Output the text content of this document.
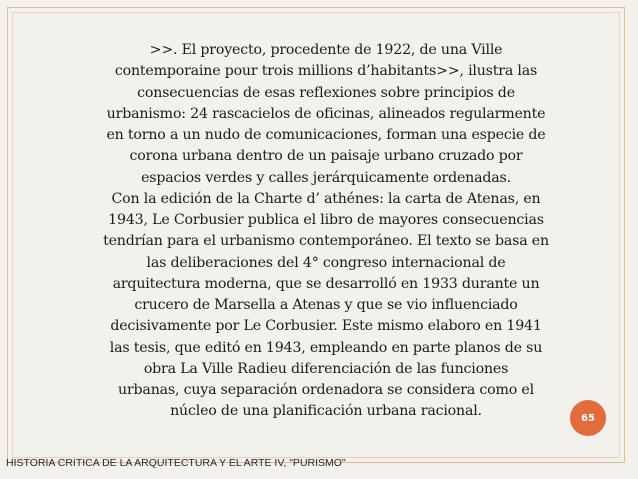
>>. El proyecto, procedente de 1922, de una Ville
contemporaine pour trois millions d’habitants>>, ilustra las
consecuencias de esas reflexiones sobre principios de
urbanismo: 24 rascacielos de oficinas, alineados regularmente
en torno a un nudo de comunicaciones, forman una especie de
corona urbana dentro de un paisaje urbano cruzado por
espacios verdes y calles jerárquicamente ordenadas.
Con la edición de la Charte d’ athénes: la carta de Atenas, en
1943, Le Corbusier publica el libro de mayores consecuencias
tendrían para el urbanismo contemporáneo. El texto se basa en
las deliberaciones del 4° congreso internacional de
arquitectura moderna, que se desarrolló en 1933 durante un
crucero de Marsella a Atenas y que se vio influenciado
decisivamente por Le Corbusier. Este mismo elaboro en 1941
las tesis, que editó en 1943, empleando en parte planos de su
obra La Ville Radieu diferenciación de las funciones
urbanas, cuya separación ordenadora se considera como el
núcleo de una planificación urbana racional.	65
HISTORIA CRITICA DE LA ARQUITECTURA Y EL ARTE IV, "PURISMO"
